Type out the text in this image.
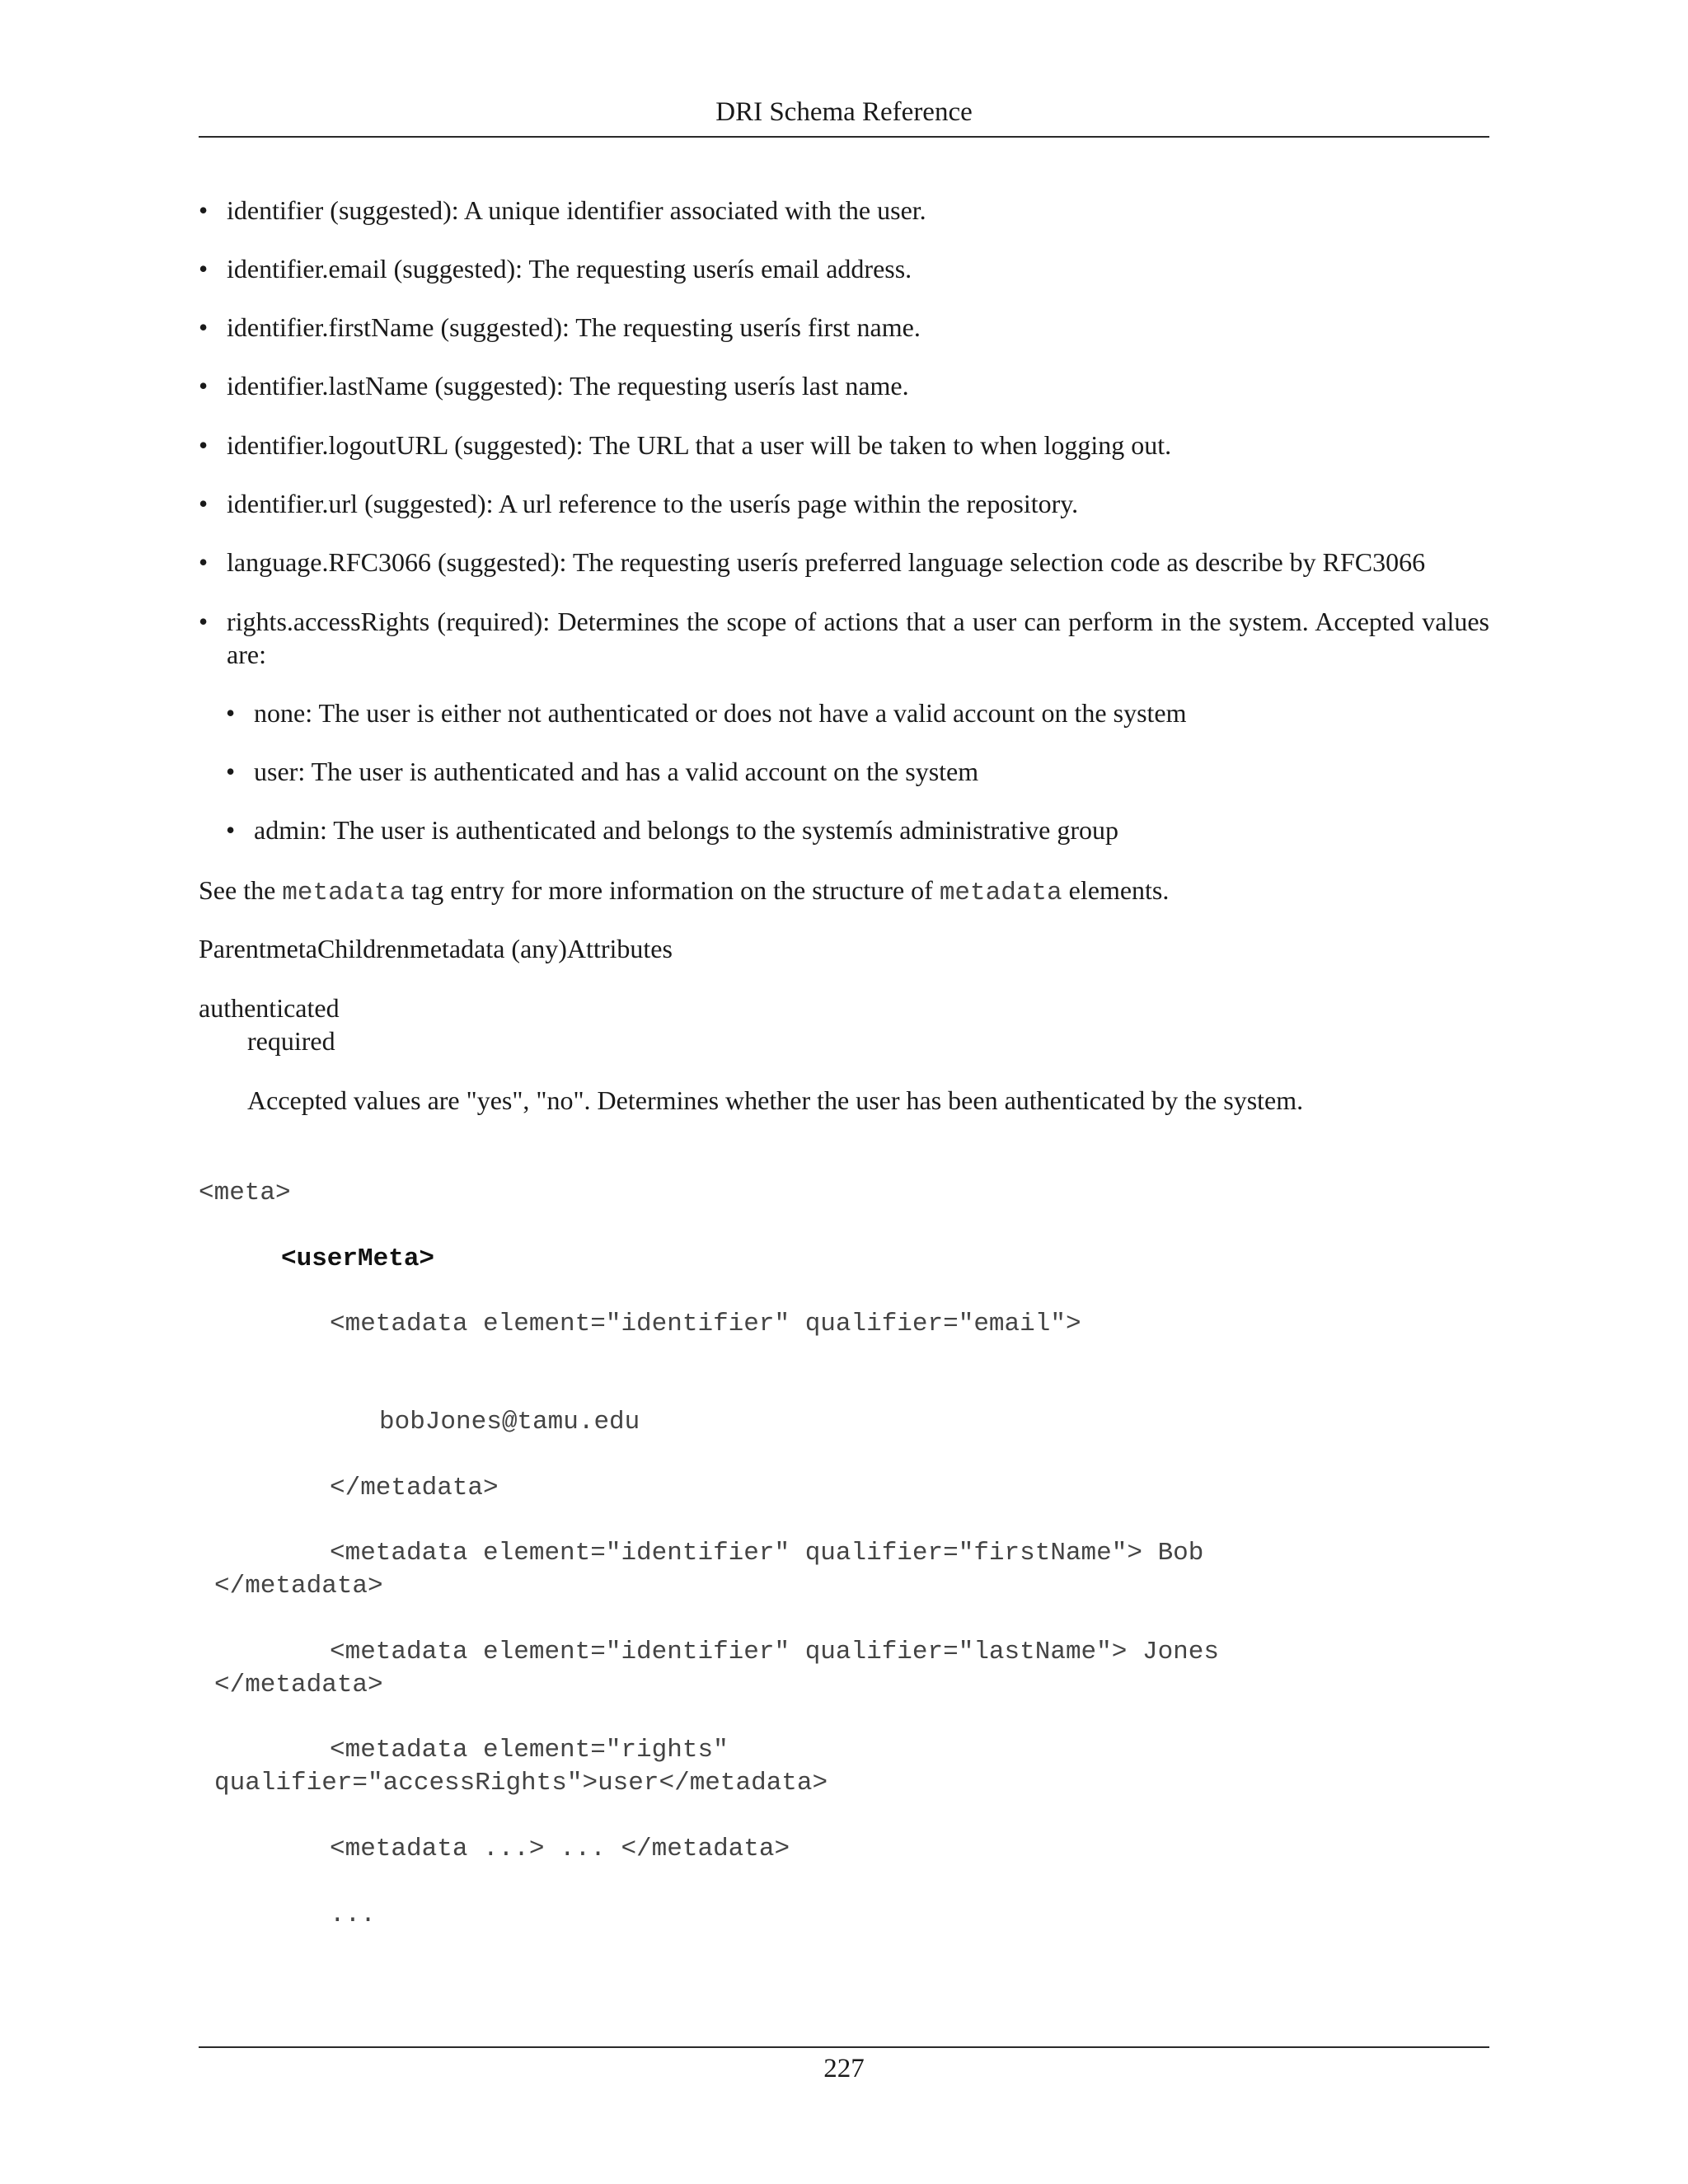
DRI Schema Reference
• identifier (suggested): A unique identifier associated with the user.
• identifier.email (suggested): The requesting userís email address.
• identifier.firstName (suggested): The requesting userís first name.
• identifier.lastName (suggested): The requesting userís last name.
• identifier.logoutURL (suggested): The URL that a user will be taken to when logging out.
• identifier.url (suggested): A url reference to the userís page within the repository.
• language.RFC3066 (suggested): The requesting userís preferred language selection code as describe by RFC3066
• rights.accessRights (required): Determines the scope of actions that a user can perform in the system. Accepted values are:
• none: The user is either not authenticated or does not have a valid account on the system
• user: The user is authenticated and has a valid account on the system
• admin: The user is authenticated and belongs to the systemís administrative group
See the metadata tag entry for more information on the structure of metadata elements.
ParentmetaChildrenmetadata (any)Attributes
authenticated
required
Accepted values are "yes", "no". Determines whether the user has been authenticated by the system.
<meta>
<userMeta>
<metadata element="identifier" qualifier="email">
bobJones@tamu.edu
</metadata>
<metadata element="identifier" qualifier="firstName"> Bob
</metadata>
<metadata element="identifier" qualifier="lastName"> Jones
</metadata>
<metadata element="rights"
qualifier="accessRights">user</metadata>
<metadata ...> ... </metadata>
...
227
